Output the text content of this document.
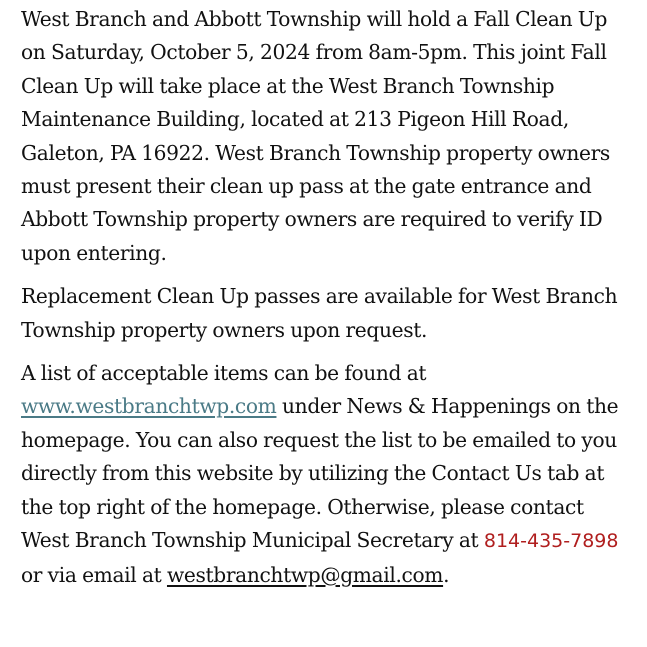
West Branch and Abbott Township will hold a Fall Clean Up on Saturday, October 5, 2024 from 8am-5pm. This joint Fall Clean Up will take place at the West Branch Township Maintenance Building, located at 213 Pigeon Hill Road, Galeton, PA 16922. West Branch Township property owners must present their clean up pass at the gate entrance and Abbott Township property owners are required to verify ID upon entering.

Replacement Clean Up passes are available for West Branch Township property owners upon request.

A list of acceptable items can be found at www.westbranchtwp.com under News & Happenings on the homepage. You can also request the list to be emailed to you directly from this website by utilizing the Contact Us tab at the top right of the homepage. Otherwise, please contact West Branch Township Municipal Secretary at 814-435-7898 or via email at westbranchtwp@gmail.com.
